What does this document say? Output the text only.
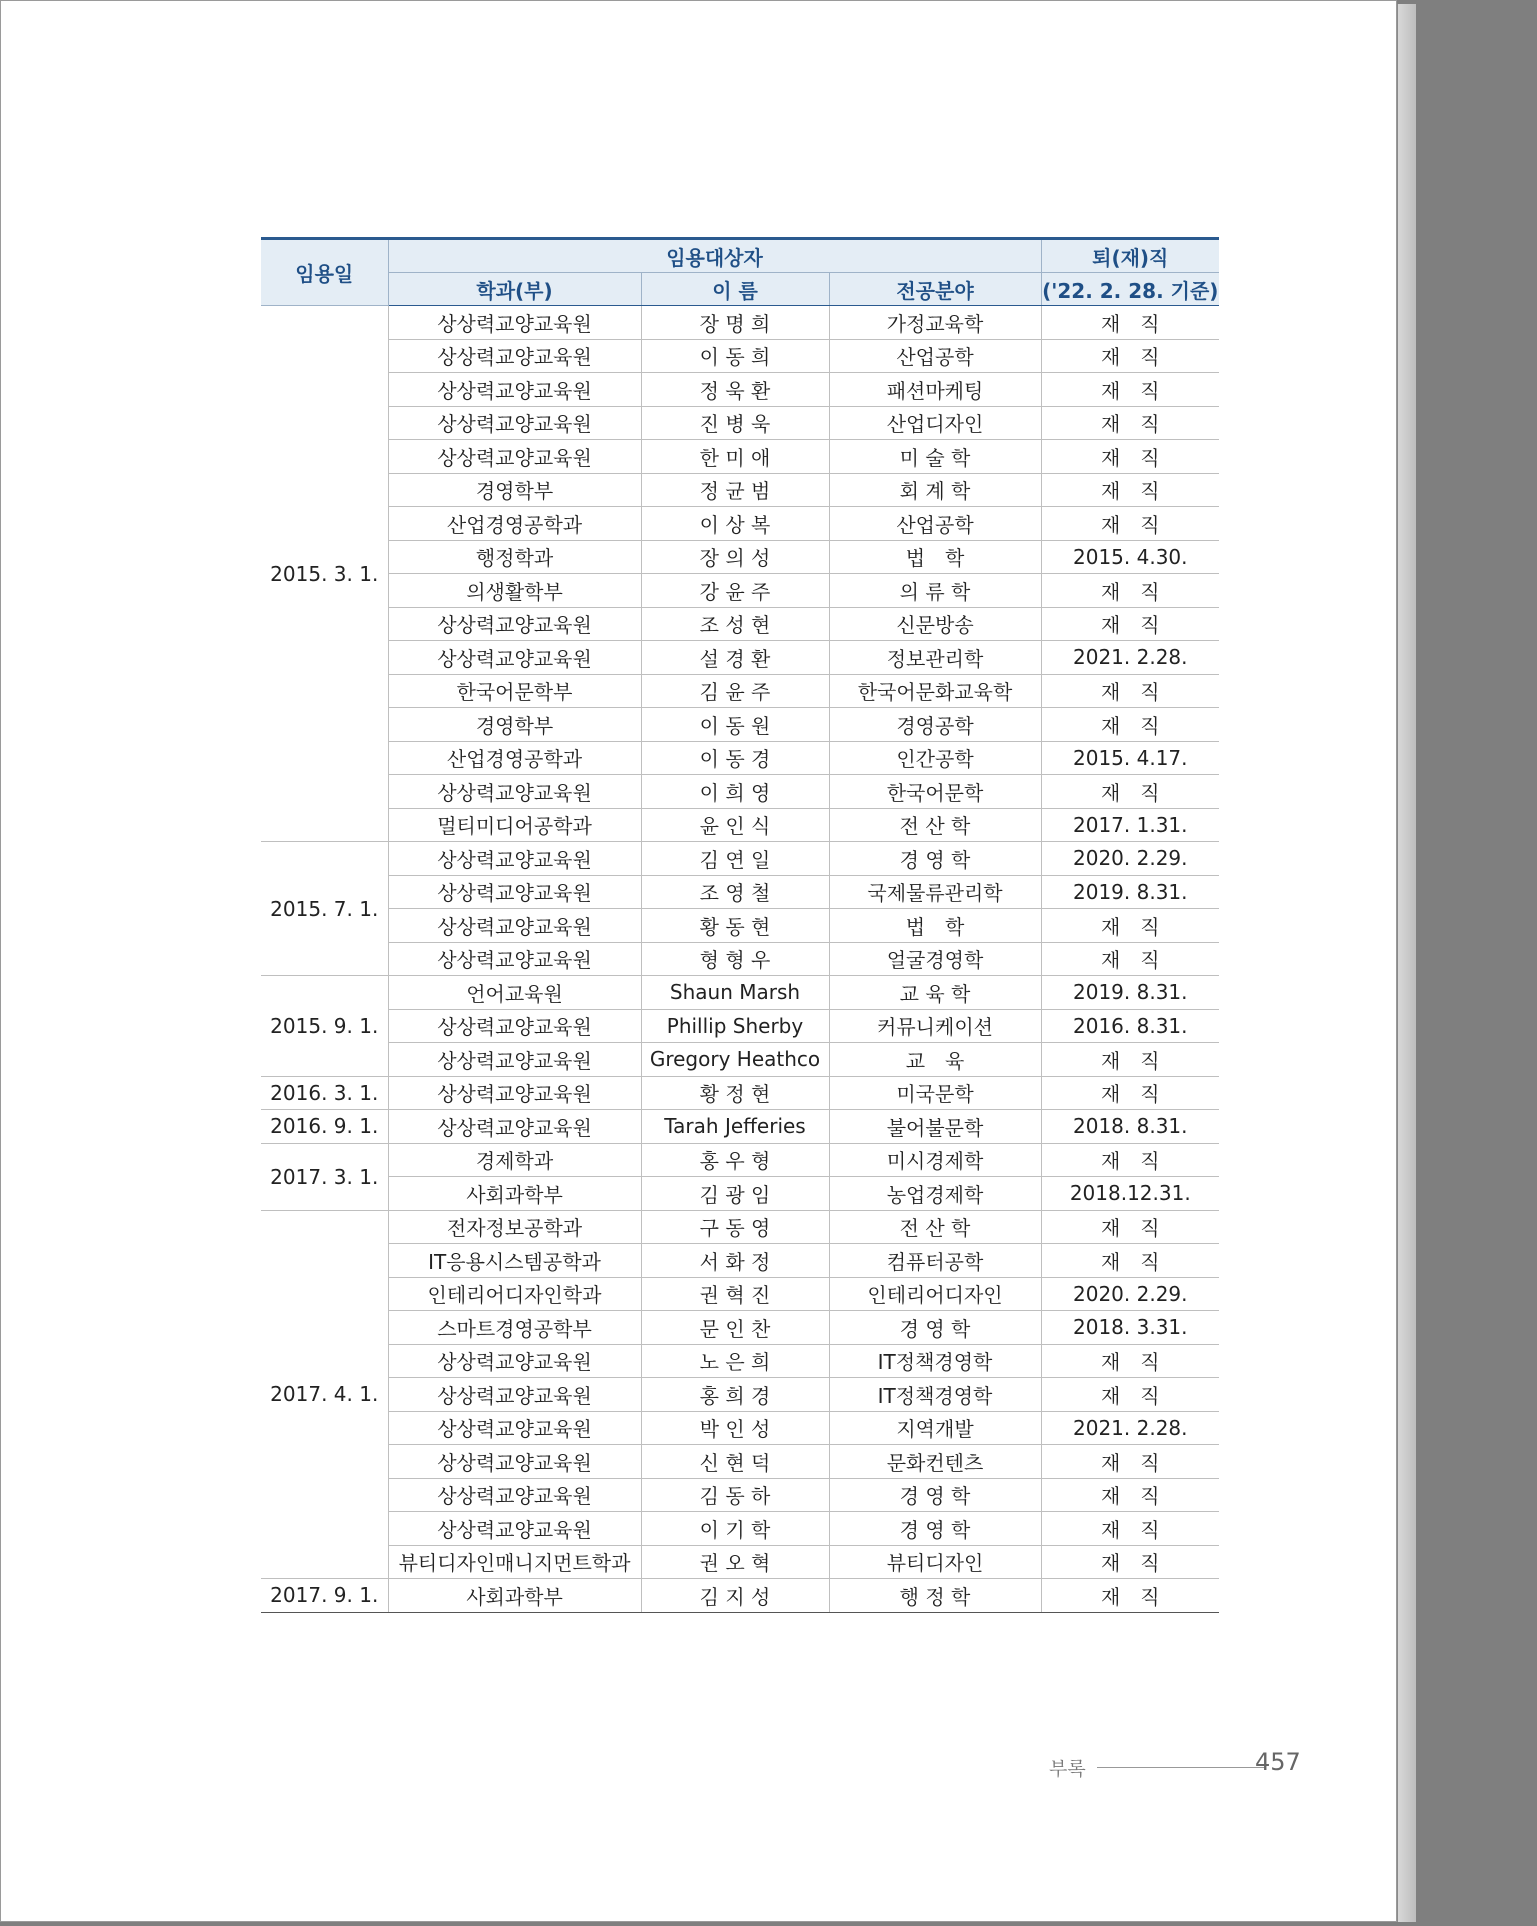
임용일	임용대상자			퇴(재)직
	학과(부)	이 름	전공분야	('22. 2. 28. 기준)
2015. 3. 1.	상상력교양교육원	장 명 희	가정교육학	재　직
	상상력교양교육원	이 동 희	산업공학	재　직
	상상력교양교육원	정 욱 환	패션마케팅	재　직
	상상력교양교육원	진 병 욱	산업디자인	재　직
	상상력교양교육원	한 미 애	미 술 학	재　직
	경영학부	정 균 범	회 계 학	재　직
	산업경영공학과	이 상 복	산업공학	재　직
	행정학과	장 의 성	법　학	2015. 4.30.
	의생활학부	강 윤 주	의 류 학	재　직
	상상력교양교육원	조 성 현	신문방송	재　직
	상상력교양교육원	설 경 환	정보관리학	2021. 2.28.
	한국어문학부	김 윤 주	한국어문화교육학	재　직
	경영학부	이 동 원	경영공학	재　직
	산업경영공학과	이 동 경	인간공학	2015. 4.17.
	상상력교양교육원	이 희 영	한국어문학	재　직
	멀티미디어공학과	윤 인 식	전 산 학	2017. 1.31.
2015. 7. 1.	상상력교양교육원	김 연 일	경 영 학	2020. 2.29.
	상상력교양교육원	조 영 철	국제물류관리학	2019. 8.31.
	상상력교양교육원	황 동 현	법　학	재　직
	상상력교양교육원	형 형 우	얼굴경영학	재　직
2015. 9. 1.	언어교육원	Shaun Marsh	교 육 학	2019. 8.31.
	상상력교양교육원	Phillip Sherby	커뮤니케이션	2016. 8.31.
	상상력교양교육원	Gregory Heathco	교　육	재　직
2016. 3. 1.	상상력교양교육원	황 정 현	미국문학	재　직
2016. 9. 1.	상상력교양교육원	Tarah Jefferies	불어불문학	2018. 8.31.
2017. 3. 1.	경제학과	홍 우 형	미시경제학	재　직
	사회과학부	김 광 임	농업경제학	2018.12.31.
2017. 4. 1.	전자정보공학과	구 동 영	전 산 학	재　직
	IT응용시스템공학과	서 화 정	컴퓨터공학	재　직
	인테리어디자인학과	권 혁 진	인테리어디자인	2020. 2.29.
	스마트경영공학부	문 인 찬	경 영 학	2018. 3.31.
	상상력교양교육원	노 은 희	IT정책경영학	재　직
	상상력교양교육원	홍 희 경	IT정책경영학	재　직
	상상력교양교육원	박 인 성	지역개발	2021. 2.28.
	상상력교양교육원	신 현 덕	문화컨텐츠	재　직
	상상력교양교육원	김 동 하	경 영 학	재　직
	상상력교양교육원	이 기 학	경 영 학	재　직
	뷰티디자인매니지먼트학과	권 오 혁	뷰티디자인	재　직
2017. 9. 1.	사회과학부	김 지 성	행 정 학	재　직
부록	457
